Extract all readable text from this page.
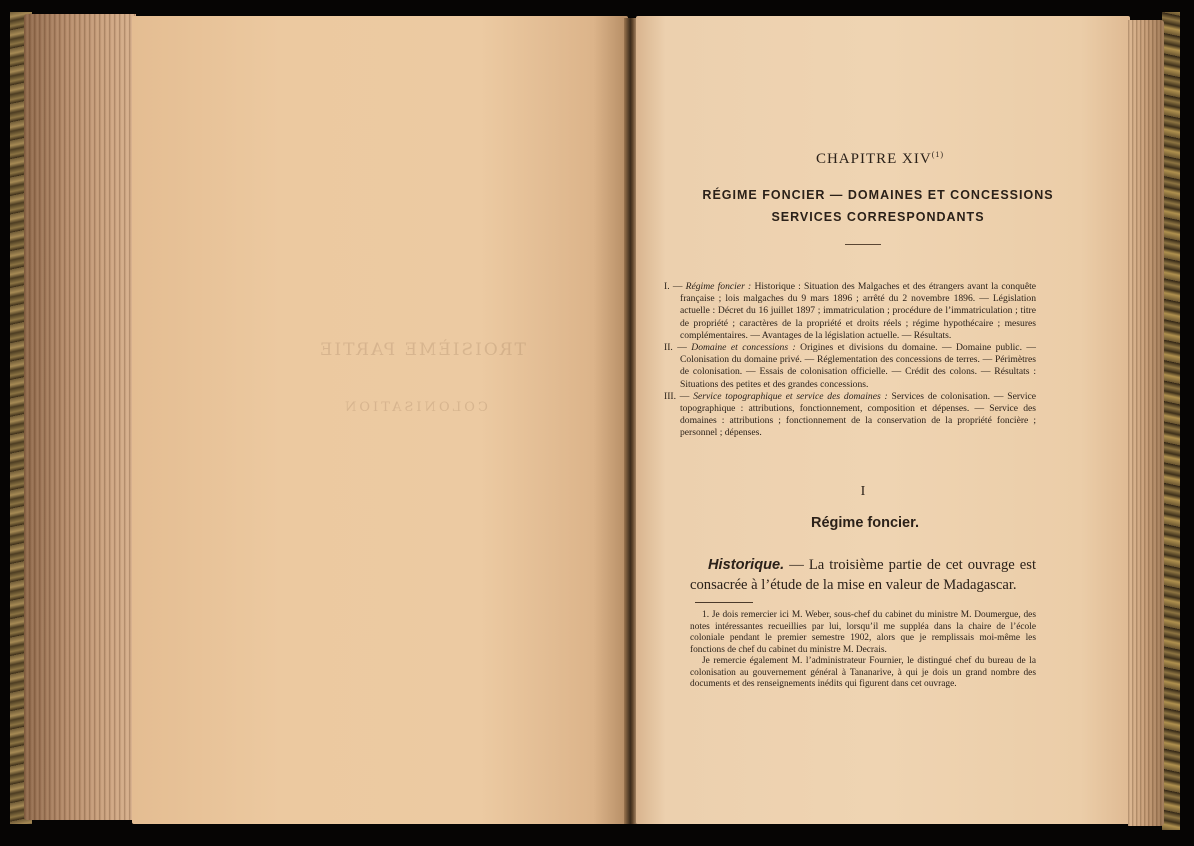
TROISIÈME PARTIE
COLONISATION
CHAPITRE XIV$^{(1)}$
RÉGIME FONCIER — DOMAINES ET CONCESSIONS
SERVICES CORRESPONDANTS

I. — Régime foncier : Historique : Situation des Malgaches et des étrangers avant la conquête française ; lois malgaches du 9 mars 1896 ; arrêté du 2 novembre 1896. — Législation actuelle : Décret du 16 juillet 1897 ; immatriculation ; procédure de l’immatriculation ; titre de propriété ; caractères de la propriété et droits réels ; régime hypothécaire ; mesures complémentaires. — Avantages de la législation actuelle. — Résultats.

II. — Domaine et concessions : Origines et divisions du domaine. — Domaine public. — Colonisation du domaine privé. — Réglementation des concessions de terres. — Périmètres de colonisation. — Essais de colonisation officielle. — Crédit des colons. — Résultats : Situations des petites et des grandes concessions.

III. — Service topographique et service des domaines : Services de colonisation. — Service topographique : attributions, fonctionnement, composition et dépenses. — Service des domaines : attributions ; fonctionnement de la conservation de la propriété foncière ; personnel ; dépenses.

I
Régime foncier.
Historique. — La troisième partie de cet ouvrage est consacrée à l’étude de la mise en valeur de Madagascar.

1. Je dois remercier ici M. Weber, sous-chef du cabinet du ministre M. Doumergue, des notes intéressantes recueillies par lui, lorsqu’il me suppléa dans la chaire de l’école coloniale pendant le premier semestre 1902, alors que je remplissais moi-même les fonctions de chef du cabinet du ministre M. Decrais.

Je remercie également M. l’administrateur Fournier, le distingué chef du bureau de la colonisation au gouvernement général à Tananarive, à qui je dois un grand nombre des documents et des renseignements inédits qui figurent dans cet ouvrage.
